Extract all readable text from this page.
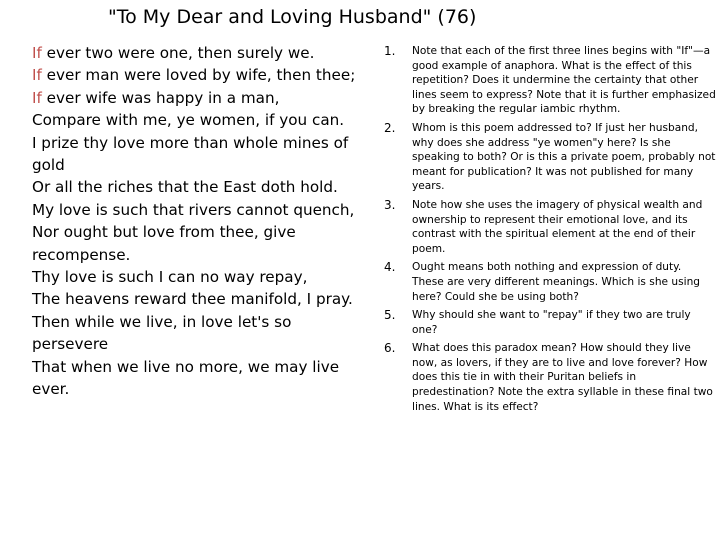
"To My Dear and Loving Husband" (76)
If ever two were one, then surely we.
If ever man were loved by wife, then thee;
If ever wife was happy in a man,
Compare with me, ye women, if you can.
I prize thy love more than whole mines of gold
Or all the riches that the East doth hold.
My love is such that rivers cannot quench,
Nor ought but love from thee, give recompense.
Thy love is such I can no way repay,
The heavens reward thee manifold, I pray.
Then while we live, in love let's so persevere
That when we live no more, we may live ever.
1. Note that each of the first three lines begins with "If"—a good example of anaphora. What is the effect of this repetition? Does it undermine the certainty that other lines seem to express? Note that it is further emphasized by breaking the regular iambic rhythm.
2. Whom is this poem addressed to? If just her husband, why does she address "ye women"y here? Is she speaking to both? Or is this a private poem, probably not meant for publication? It was not published for many years.
3. Note how she uses the imagery of physical wealth and ownership to represent their emotional love, and its contrast with the spiritual element at the end of their poem.
4. Ought means both nothing and expression of duty. These are very different meanings. Which is she using here? Could she be using both?
5. Why should she want to "repay" if they two are truly one?
6. What does this paradox mean? How should they live now, as lovers, if they are to live and love forever? How does this tie in with their Puritan beliefs in predestination? Note the extra syllable in these final two lines. What is its effect?
